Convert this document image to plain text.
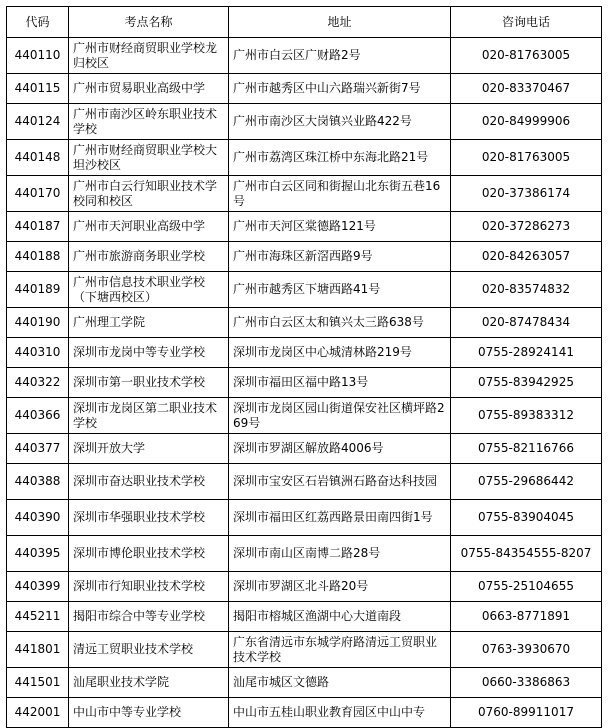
代码	考点名称	地址	咨询电话
440110	广州市财经商贸职业学校龙归校区	广州市白云区广财路2号	020-81763005
440115	广州市贸易职业高级中学	广州市越秀区中山六路瑞兴新街7号	020-83370467
440124	广州市南沙区岭东职业技术学校	广州市南沙区大岗镇兴业路422号	020-84999906
440148	广州市财经商贸职业学校大坦沙校区	广州市荔湾区珠江桥中东海北路21号	020-81763005
440170	广州市白云行知职业技术学校同和校区	广州市白云区同和街握山北东街五巷16号	020-37386174
440187	广州市天河职业高级中学	广州市天河区棠德路121号	020-37286273
440188	广州市旅游商务职业学校	广州市海珠区新滘西路9号	020-84263057
440189	广州市信息技术职业学校（下塘西校区）	广州市越秀区下塘西路41号	020-83574832
440190	广州理工学院	广州市白云区太和镇兴太三路638号	020-87478434
440310	深圳市龙岗中等专业学校	深圳市龙岗区中心城清林路219号	0755-28924141
440322	深圳市第一职业技术学校	深圳市福田区福中路13号	0755-83942925
440366	深圳市龙岗区第二职业技术学校	深圳市龙岗区园山街道保安社区横坪路269号	0755-89383312
440377	深圳开放大学	深圳市罗湖区解放路4006号	0755-82116766
440388	深圳市奋达职业技术学校	深圳市宝安区石岩镇洲石路奋达科技园	0755-29686442
440390	深圳市华强职业技术学校	深圳市福田区红荔西路景田南四街1号	0755-83904045
440395	深圳市博伦职业技术学校	深圳市南山区南博二路28号	0755-84354555-8207
440399	深圳市行知职业技术学校	深圳市罗湖区北斗路20号	0755-25104655
445211	揭阳市综合中等专业学校	揭阳市榕城区渔湖中心大道南段	0663-8771891
441801	清远工贸职业技术学校	广东省清远市东城学府路清远工贸职业技术学校	0763-3930670
441501	汕尾职业技术学院	汕尾市城区文德路	0660-3386863
442001	中山市中等专业学校	中山市五桂山职业教育园区中山中专	0760-89911017
